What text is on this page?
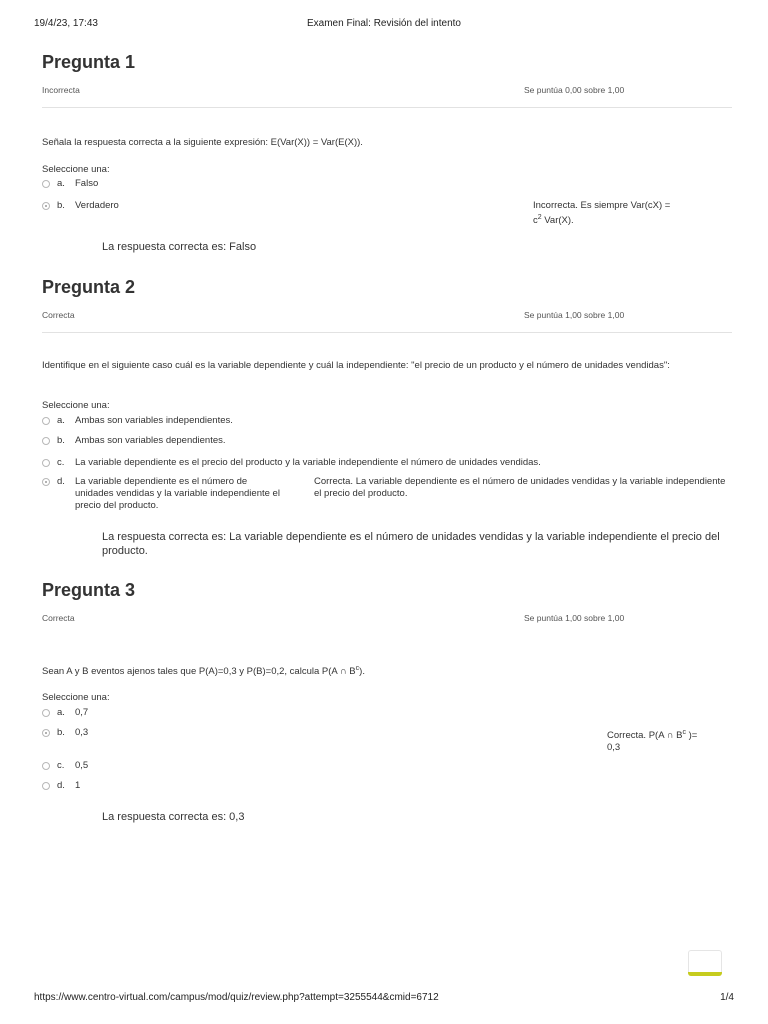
19/4/23, 17:43	Examen Final: Revisión del intento
Pregunta 1
Incorrecta	Se puntúa 0,00 sobre 1,00
Señala la respuesta correcta a la siguiente expresión: E(Var(X)) = Var(E(X)).
Seleccione una:
a. Falso
b. Verdadero	Incorrecta. Es siempre Var(cX) =
$c^2$ Var(X).
La respuesta correcta es: Falso
Pregunta 2
Correcta	Se puntúa 1,00 sobre 1,00
Identifique en el siguiente caso cuál es la variable dependiente y cuál la independiente: "el precio de un producto y el número de unidades vendidas":
Seleccione una:
a. Ambas son variables independientes.
b. Ambas son variables dependientes.
c. La variable dependiente es el precio del producto y la variable independiente el número de unidades vendidas.
d. La variable dependiente es el número de unidades vendidas y la variable independiente el precio del producto.
Correcta. La variable dependiente es el número de unidades vendidas y la variable independiente el precio del producto.
La respuesta correcta es: La variable dependiente es el número de unidades vendidas y la variable independiente el precio del producto.
Pregunta 3
Correcta	Se puntúa 1,00 sobre 1,00
Sean A y B eventos ajenos tales que P(A)=0,3 y P(B)=0,2, calcula P(A ∩ $B^c$).
Seleccione una:
a. 0,7
b. 0,3
c. 0,5
d. 1
Correcta. P(A ∩ $B^c$ )=
0,3
La respuesta correcta es: 0,3
https://www.centro-virtual.com/campus/mod/quiz/review.php?attempt=3255544&cmid=6712	1/4
